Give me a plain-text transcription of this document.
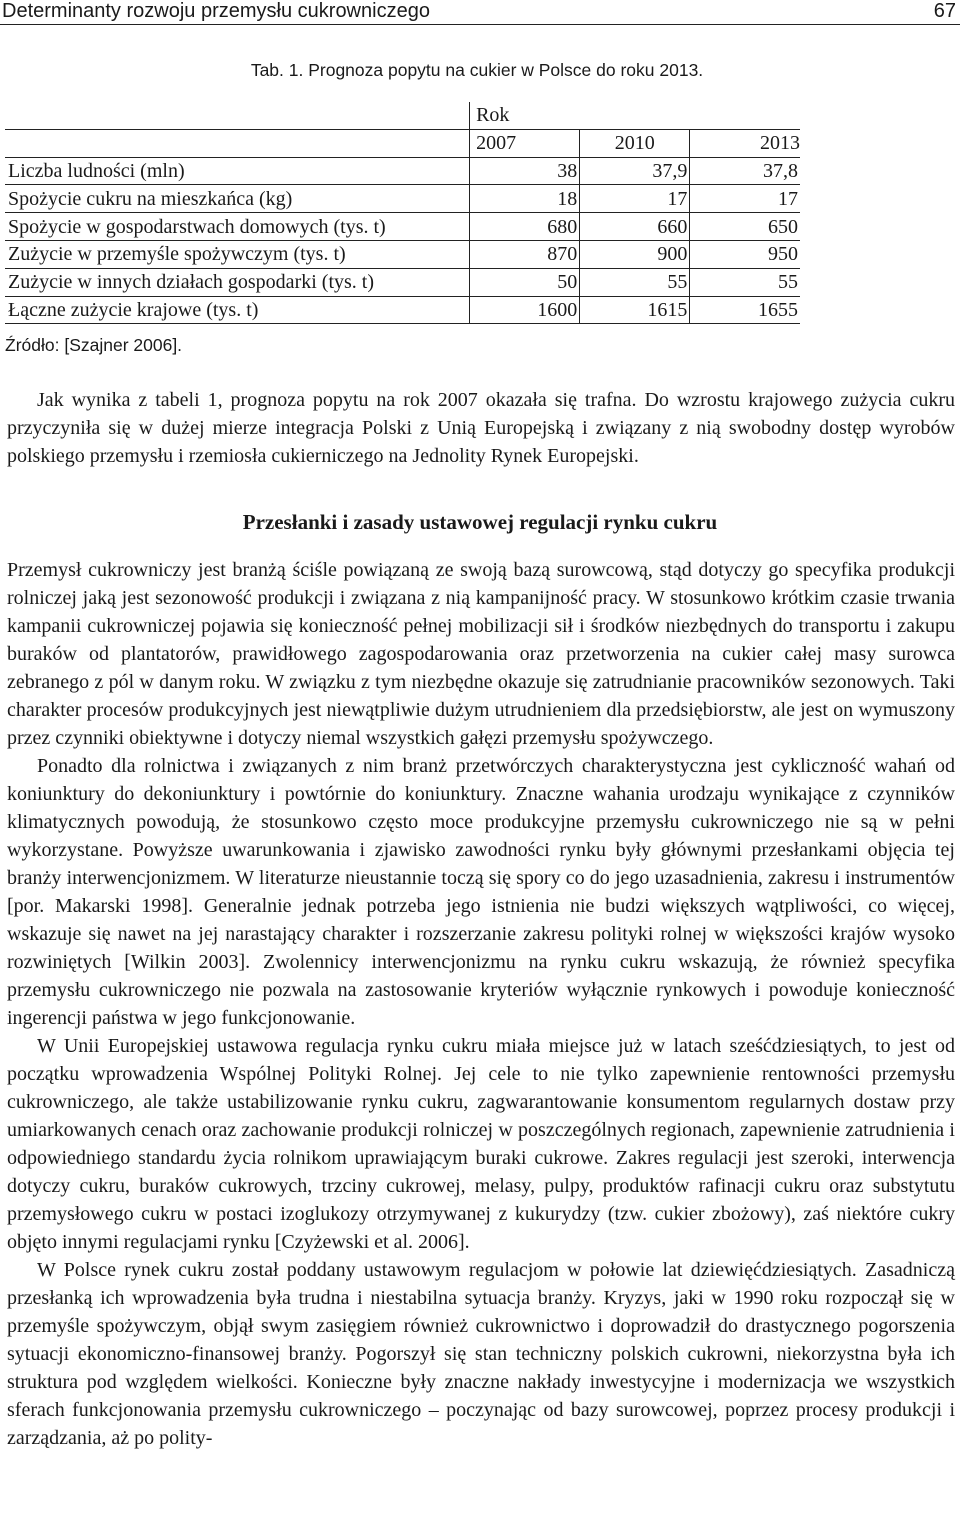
Determinanty rozwoju przemysłu cukrowniczego	67
Tab. 1. Prognoza popytu na cukier w Polsce do roku 2013.
	Rok		
	2007	2010	2013
Liczba ludności (mln)	38	37,9	37,8
Spożycie cukru na mieszkańca (kg)	18	17	17
Spożycie w gospodarstwach domowych (tys. t)	680	660	650
Zużycie w przemyśle spożywczym (tys. t)	870	900	950
Zużycie w innych działach gospodarki (tys. t)	50	55	55
Łączne zużycie krajowe (tys. t)	1600	1615	1655
Źródło: [Szajner 2006].

Jak wynika z tabeli 1, prognoza popytu na rok 2007 okazała się trafna. Do wzrostu krajowego zużycia cukru przyczyniła się w dużej mierze integracja Polski z Unią Europejską i związany z nią swobodny dostęp wyrobów polskiego przemysłu i rzemiosła cukierniczego na Jednolity Rynek Europejski.

Przesłanki i zasady ustawowej regulacji rynku cukru

Przemysł cukrowniczy jest branżą ściśle powiązaną ze swoją bazą surowcową, stąd dotyczy go specyfika produkcji rolniczej jaką jest sezonowość produkcji i związana z nią kampanijność pracy. W stosunkowo krótkim czasie trwania kampanii cukrowniczej pojawia się konieczność pełnej mobilizacji sił i środków niezbędnych do transportu i zakupu buraków od plantatorów, prawidłowego zagospodarowania oraz przetworzenia na cukier całej masy surowca zebranego z pól w danym roku. W związku z tym niezbędne okazuje się zatrudnianie pracowników sezonowych. Taki charakter procesów produkcyjnych jest niewątpliwie dużym utrudnieniem dla przedsiębiorstw, ale jest on wymuszony przez czynniki obiektywne i dotyczy niemal wszystkich gałęzi przemysłu spożywczego.

Ponadto dla rolnictwa i związanych z nim branż przetwórczych charakterystyczna jest cykliczność wahań od koniunktury do dekoniunktury i powtórnie do koniunktury. Znaczne wahania urodzaju wynikające z czynników klimatycznych powodują, że stosunkowo często moce produkcyjne przemysłu cukrowniczego nie są w pełni wykorzystane. Powyższe uwarunkowania i zjawisko zawodności rynku były głównymi przesłankami objęcia tej branży interwencjonizmem. W literaturze nieustannie toczą się spory co do jego uzasadnienia, zakresu i instrumentów [por. Makarski 1998]. Generalnie jednak potrzeba jego istnienia nie budzi większych wątpliwości, co więcej, wskazuje się nawet na jej narastający charakter i rozszerzanie zakresu polityki rolnej w większości krajów wysoko rozwiniętych [Wilkin 2003]. Zwolennicy interwencjonizmu na rynku cukru wskazują, że również specyfika przemysłu cukrowniczego nie pozwala na zastosowanie kryteriów wyłącznie rynkowych i powoduje konieczność ingerencji państwa w jego funkcjonowanie.

W Unii Europejskiej ustawowa regulacja rynku cukru miała miejsce już w latach sześćdziesiątych, to jest od początku wprowadzenia Wspólnej Polityki Rolnej. Jej cele to nie tylko zapewnienie rentowności przemysłu cukrowniczego, ale także ustabilizowanie rynku cukru, zagwarantowanie konsumentom regularnych dostaw przy umiarkowanych cenach oraz zachowanie produkcji rolniczej w poszczególnych regionach, zapewnienie zatrudnienia i odpowiedniego standardu życia rolnikom uprawiającym buraki cukrowe. Zakres regulacji jest szeroki, interwencja dotyczy cukru, buraków cukrowych, trzciny cukrowej, melasy, pulpy, produktów rafinacji cukru oraz substytutu przemysłowego cukru w postaci izoglukozy otrzymywanej z kukurydzy (tzw. cukier zbożowy), zaś niektóre cukry objęto innymi regulacjami rynku [Czyżewski et al. 2006].

W Polsce rynek cukru został poddany ustawowym regulacjom w połowie lat dziewięćdziesiątych. Zasadniczą przesłanką ich wprowadzenia była trudna i niestabilna sytuacja branży. Kryzys, jaki w 1990 roku rozpoczął się w przemyśle spożywczym, objął swym zasięgiem również cukrownictwo i doprowadził do drastycznego pogorszenia sytuacji ekonomiczno-finansowej branży. Pogorszył się stan techniczny polskich cukrowni, niekorzystna była ich struktura pod względem wielkości. Konieczne były znaczne nakłady inwestycyjne i modernizacja we wszystkich sferach funkcjonowania przemysłu cukrowniczego – poczynając od bazy surowcowej, poprzez procesy produkcji i zarządzania, aż po polity-
